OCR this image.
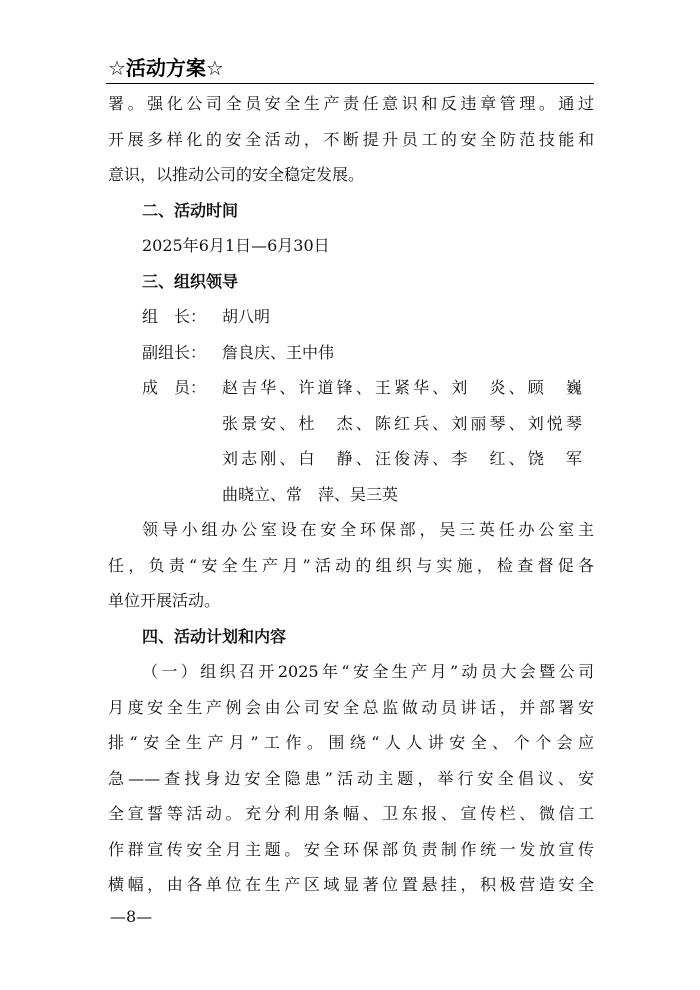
☆活动方案☆
署。强化公司全员安全生产责任意识和反违章管理。通过
开展多样化的安全活动，不断提升员工的安全防范技能和
意识，以推动公司的安全稳定发展。
二、活动时间
2025年6月1日—6月30日
三、组织领导
组　长： 胡八明
副组长： 詹良庆、王中伟
成　员： 赵吉华、许道锋、王紧华、刘　炎、顾　巍
张景安、杜　杰、陈红兵、刘丽琴、刘悦琴
刘志刚、白　静、汪俊涛、李　红、饶　军
曲晓立、常　萍、吴三英
领导小组办公室设在安全环保部，吴三英任办公室主
任，负责“安全生产月”活动的组织与实施，检查督促各
单位开展活动。
四、活动计划和内容
（一）组织召开2025年“安全生产月”动员大会暨公司
月度安全生产例会由公司安全总监做动员讲话，并部署安
排“安全生产月”工作。围绕“人人讲安全、个个会应
急——查找身边安全隐患”活动主题，举行安全倡议、安
全宣誓等活动。充分利用条幅、卫东报、宣传栏、微信工
作群宣传安全月主题。安全环保部负责制作统一发放宣传
横幅，由各单位在生产区域显著位置悬挂，积极营造安全
—8—
